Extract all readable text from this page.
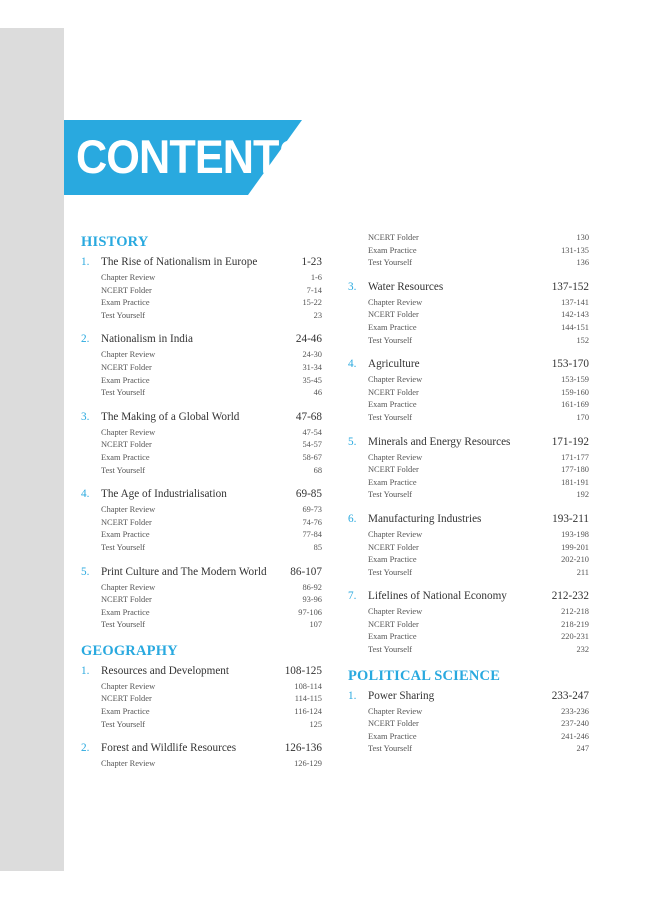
CONTENTS
HISTORY
1.	The Rise of Nationalism in Europe	1-23
Chapter Review	1-6
NCERT Folder	7-14
Exam Practice	15-22
Test Yourself	23
2.	Nationalism in India	24-46
Chapter Review	24-30
NCERT Folder	31-34
Exam Practice	35-45
Test Yourself	46
3.	The Making of a Global World	47-68
Chapter Review	47-54
NCERT Folder	54-57
Exam Practice	58-67
Test Yourself	68
4.	The Age of Industrialisation	69-85
Chapter Review	69-73
NCERT Folder	74-76
Exam Practice	77-84
Test Yourself	85
5.	Print Culture and The Modern World	86-107
Chapter Review	86-92
NCERT Folder	93-96
Exam Practice	97-106
Test Yourself	107
GEOGRAPHY
1.	Resources and Development	108-125
Chapter Review	108-114
NCERT Folder	114-115
Exam Practice	116-124
Test Yourself	125
2.	Forest and Wildlife Resources	126-136
Chapter Review	126-129
NCERT Folder	130
Exam Practice	131-135
Test Yourself	136
3.	Water Resources	137-152
Chapter Review	137-141
NCERT Folder	142-143
Exam Practice	144-151
Test Yourself	152
4.	Agriculture	153-170
Chapter Review	153-159
NCERT Folder	159-160
Exam Practice	161-169
Test Yourself	170
5.	Minerals and Energy Resources	171-192
Chapter Review	171-177
NCERT Folder	177-180
Exam Practice	181-191
Test Yourself	192
6.	Manufacturing Industries	193-211
Chapter Review	193-198
NCERT Folder	199-201
Exam Practice	202-210
Test Yourself	211
7.	Lifelines of National Economy	212-232
Chapter Review	212-218
NCERT Folder	218-219
Exam Practice	220-231
Test Yourself	232
POLITICAL SCIENCE
1.	Power Sharing	233-247
Chapter Review	233-236
NCERT Folder	237-240
Exam Practice	241-246
Test Yourself	247
